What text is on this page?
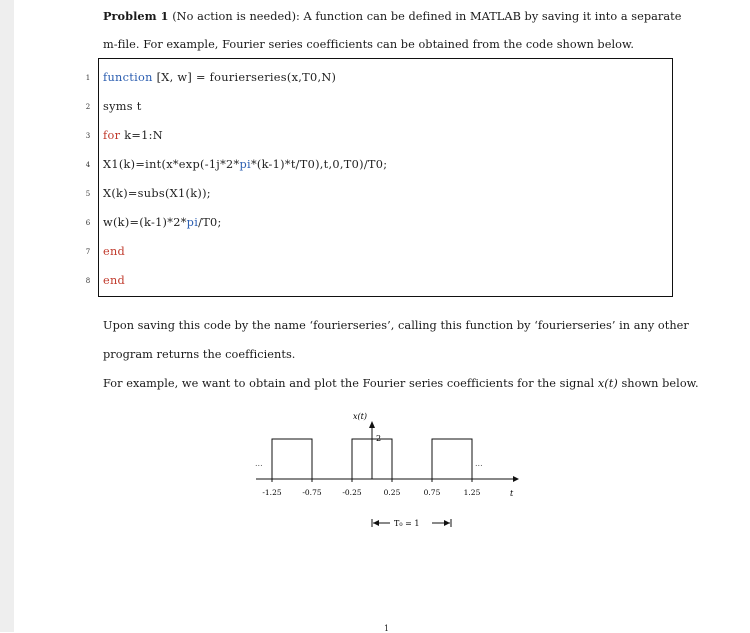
Problem 1 (No action is needed): A function can be defined in MATLAB by saving it into a separate
m-file. For example, Fourier series coefficients can be obtained from the code shown below.
1 function [X, w] = fourierseries(x,T0,N)
2 syms t
3 for k=1:N
4 X1(k)=int(x*exp(-1j*2*pi*(k-1)*t/T0),t,0,T0)/T0;
5 X(k)=subs(X1(k));
6 w(k)=(k-1)*2*pi/T0;
7 end
8 end
Upon saving this code by the name ‘fourierseries’, calling this function by ‘fourierseries’ in any other
program returns the coefficients.
For example, we want to obtain and plot the Fourier series coefficients for the signal x(t) shown below.
x(t)
t
2
...	...
-1.25	-0.75	-0.25	0.25	0.75	1.25
T₀ = 1
1
